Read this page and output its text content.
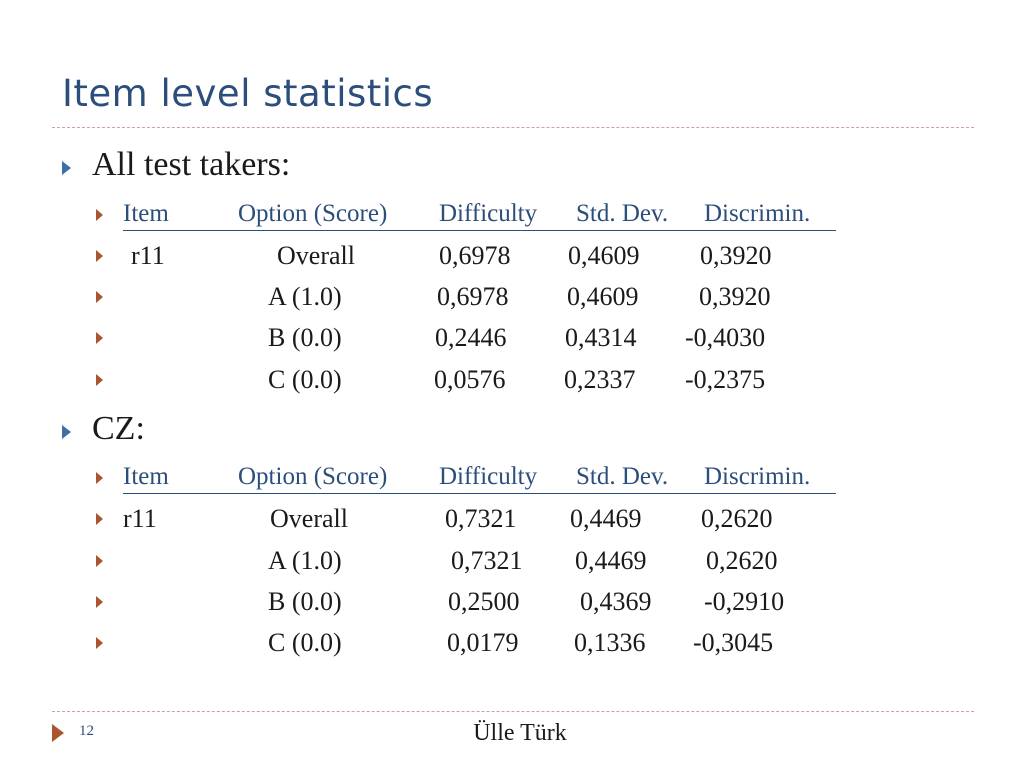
Item level statistics
All test takers:
Item	Option (Score) Difficulty Std. Dev. Discrimin.
r11	Overall	0,6978 0,4609 0,3920
A (1.0)	0,6978 0,4609 0,3920
B (0.0)	0,2446 0,4314 -0,4030
C (0.0)	0,0576 0,2337 -0,2375
CZ:
Item	Option (Score) Difficulty Std. Dev. Discrimin.
r11	Overall	0,7321 0,4469 0,2620
A (1.0)	0,7321 0,4469 0,2620
B (0.0)	0,2500 0,4369 -0,2910
C (0.0)	0,0179 0,1336 -0,3045
12	Ülle Türk
